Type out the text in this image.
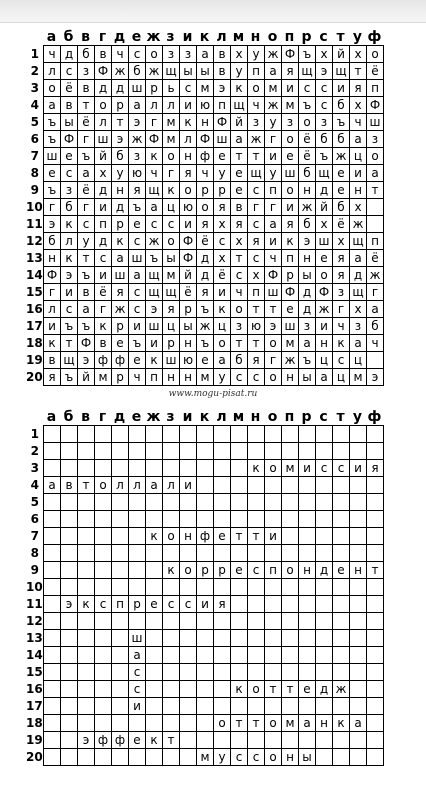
а б в г д е ж з и к л м н о п р с т у ф
1
2
3
4
5
6
7
8
9
10
11
12
13
14
15
16
17
18
19
20
ч д б в ч с о з з а в х у ж Ф ъ х й х о
л с з Ф ж б ж щ ы ы в у п а я щ э щ т ё
о ё в д д ш р ь с м э к о м и с с и я п
а в т о р а л л и ю п щ ч ж м ъ с б х Ф
ъ ы ё л т э г м к н Ф й з у з о з ъ ч ш
ъ Ф г ш э ж Ф м л Ф ш а ж г о ё б б а з
ш е ъ й б з к о н ф е т т и е ё ъ ж ц о
е с а х у ю ч г я ч у е щ у ш б щ е и а
ъ з ё д н я щ к о р р е с п о н д е н т
г б г и д ъ а ц ю о я в г г и ж й б х
э к с п р е с с и я х я с а я б х ё ж
б л у д к с ж о Ф ё с х я и к э ш х щ п
н к т с а ш ъ ы Ф д х т с ч п н е я а ё
Ф э ъ и ш а щ м й д ё с х Ф р ы о я д ж
г и в ё я с щ щ ё я и ч п ш Ф д Ф з щ г
л с а г ж с э я р ъ к о т т е д ж г х а
и ъ ъ к р и ш ц ы ж ц з ю э ш з и ч з б
к т Ф в е ъ и р н ъ о т т о м а н к а ч
в щ э ф ф е к ш ю е а б я г ж ъ ц с ц
я ъ й м р ч п н н м у с с о н ы а ц м э
www.mogu-pisat.ru
а б в г д е ж з и к л м н о п р с т у ф
1
2
3
4
5
6
7
8
9
10
11
12
13
14
15
16
17
18
19
20
к о м и с с и я
а в т о л л а л и
к о н ф е т т и
к о р р е с п о н д е н т
э к с п р е с с и я
ш
а
с
с	к о т т е д ж
и
о т т о м а н к а
э ф ф е к т
м у с с о н ы
